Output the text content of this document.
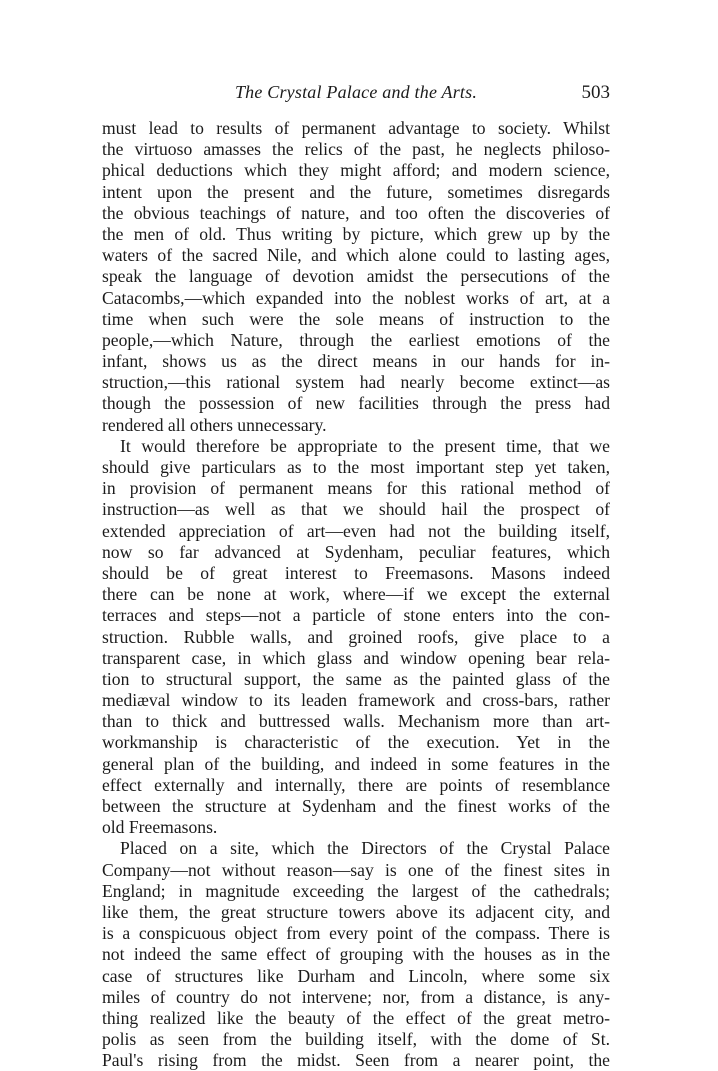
The Crystal Palace and the Arts.	503
must lead to results of permanent advantage to society. Whilst
the virtuoso amasses the relics of the past, he neglects philoso-
phical deductions which they might afford; and modern science,
intent upon the present and the future, sometimes disregards
the obvious teachings of nature, and too often the discoveries of
the men of old. Thus writing by picture, which grew up by the
waters of the sacred Nile, and which alone could to lasting ages,
speak the language of devotion amidst the persecutions of the
Catacombs,—which expanded into the noblest works of art, at a
time when such were the sole means of instruction to the
people,—which Nature, through the earliest emotions of the
infant, shows us as the direct means in our hands for in-
struction,—this rational system had nearly become extinct—as
though the possession of new facilities through the press had
rendered all others unnecessary.
It would therefore be appropriate to the present time, that we
should give particulars as to the most important step yet taken,
in provision of permanent means for this rational method of
instruction—as well as that we should hail the prospect of
extended appreciation of art—even had not the building itself,
now so far advanced at Sydenham, peculiar features, which
should be of great interest to Freemasons. Masons indeed
there can be none at work, where—if we except the external
terraces and steps—not a particle of stone enters into the con-
struction. Rubble walls, and groined roofs, give place to a
transparent case, in which glass and window opening bear rela-
tion to structural support, the same as the painted glass of the
mediæval window to its leaden framework and cross-bars, rather
than to thick and buttressed walls. Mechanism more than art-
workmanship is characteristic of the execution. Yet in the
general plan of the building, and indeed in some features in the
effect externally and internally, there are points of resemblance
between the structure at Sydenham and the finest works of the
old Freemasons.
Placed on a site, which the Directors of the Crystal Palace
Company—not without reason—say is one of the finest sites in
England; in magnitude exceeding the largest of the cathedrals;
like them, the great structure towers above its adjacent city, and
is a conspicuous object from every point of the compass. There is
not indeed the same effect of grouping with the houses as in the
case of structures like Durham and Lincoln, where some six
miles of country do not intervene; nor, from a distance, is any-
thing realized like the beauty of the effect of the great metro-
polis as seen from the building itself, with the dome of St.
Paul's rising from the midst. Seen from a nearer point, the
